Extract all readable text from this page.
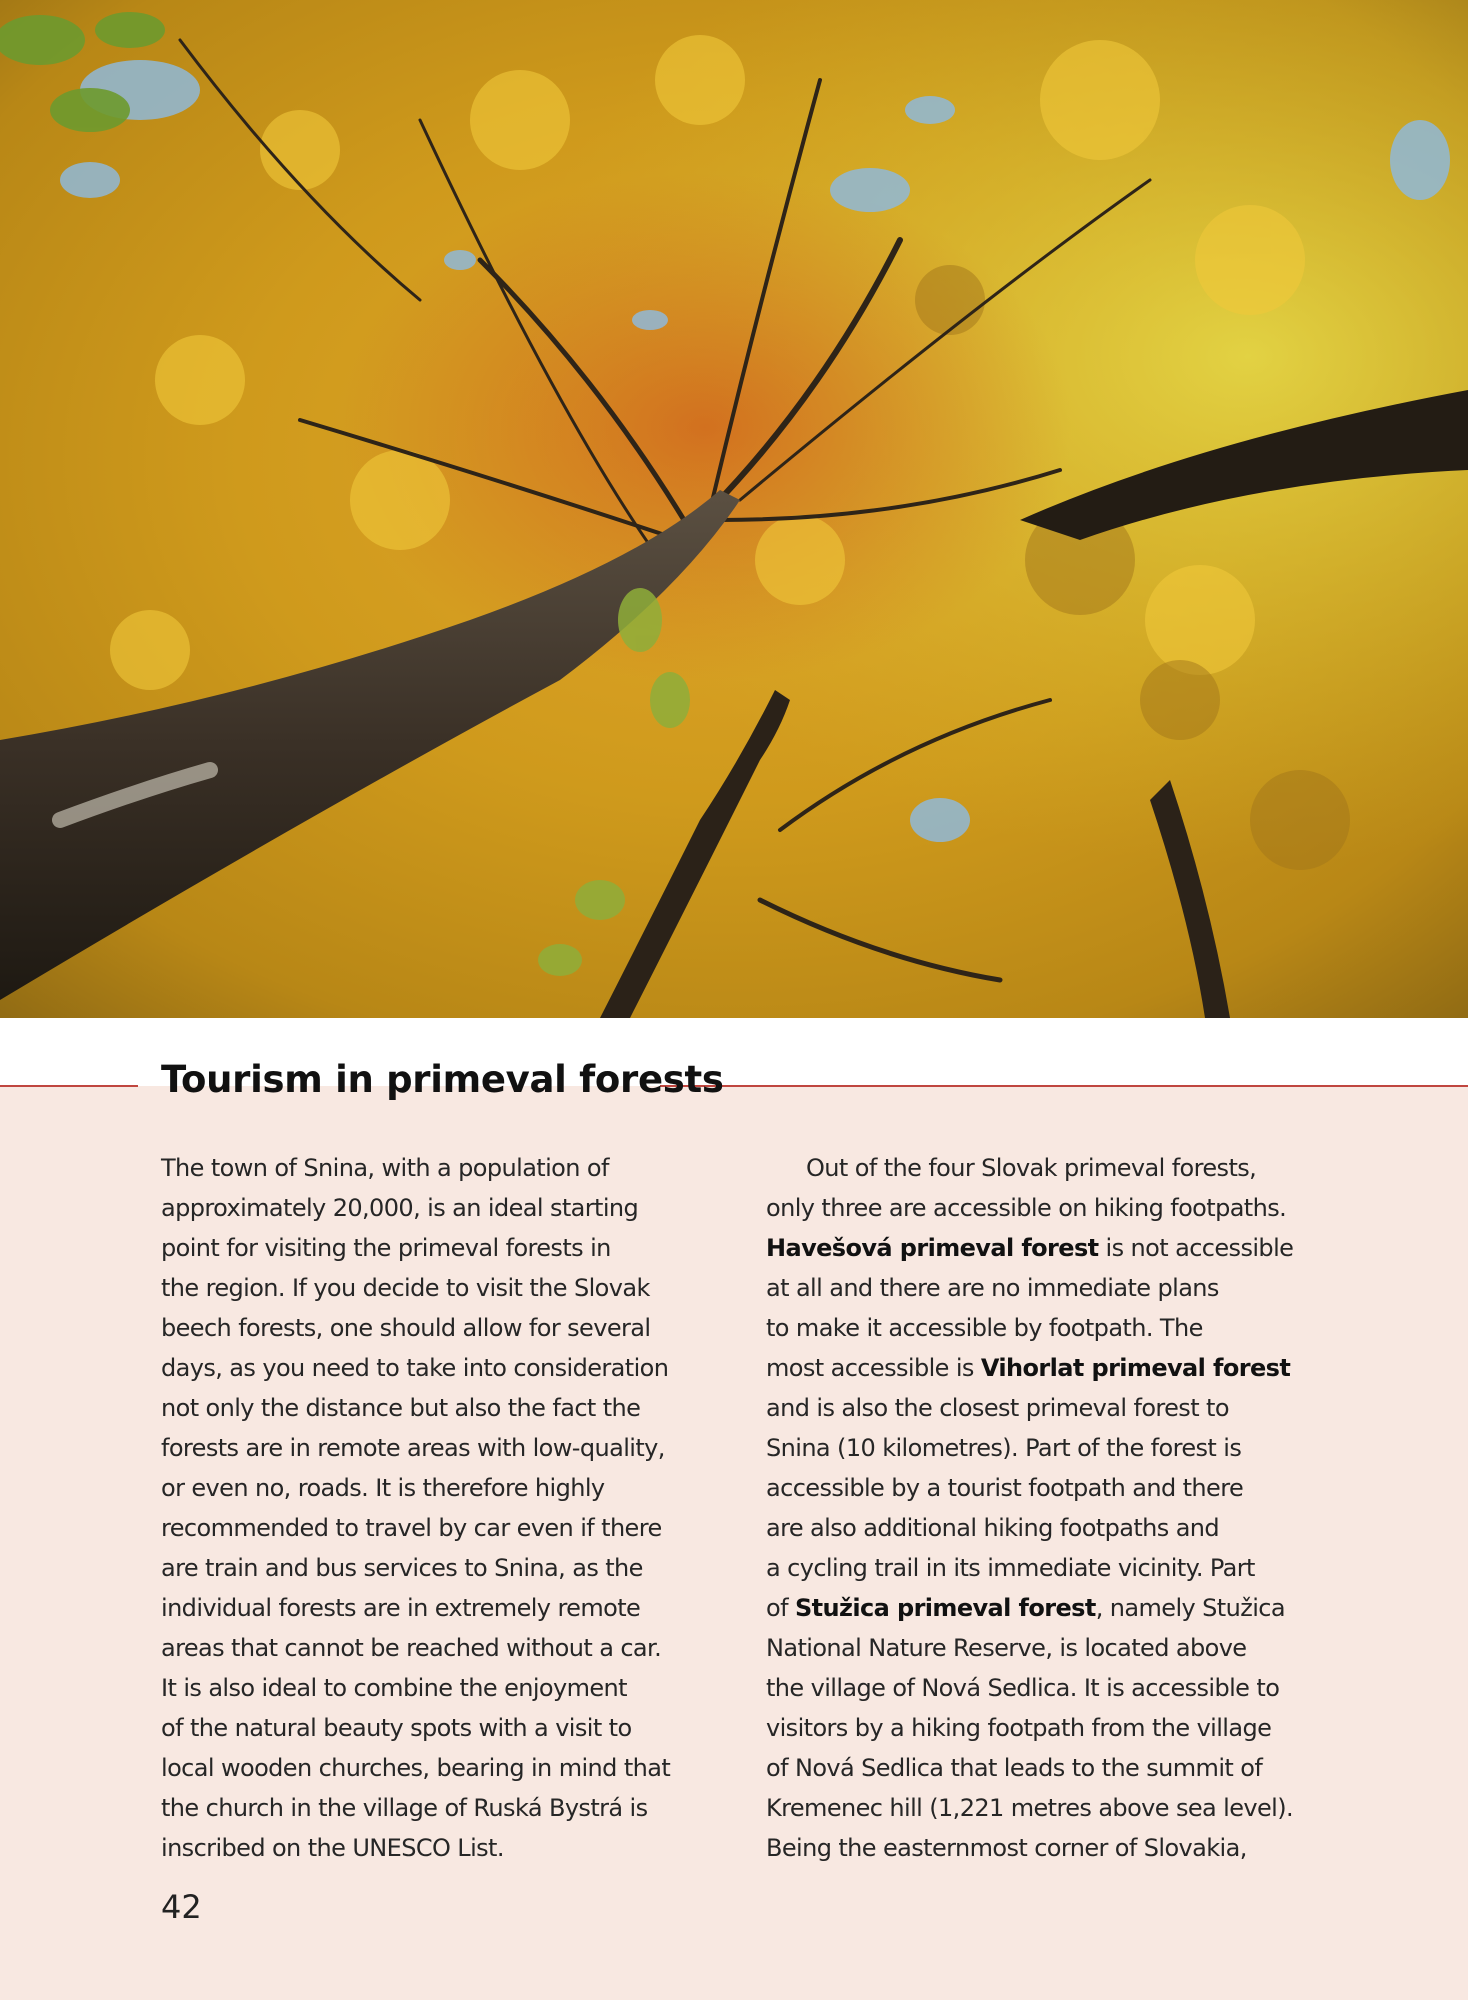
Tourism in primeval forests

The town of Snina, with a population of
approximately 20,000, is an ideal starting
point for visiting the primeval forests in
the region. If you decide to visit the Slovak
beech forests, one should allow for several
days, as you need to take into consideration
not only the distance but also the fact the
forests are in remote areas with low-quality,
or even no, roads. It is therefore highly
recommended to travel by car even if there
are train and bus services to Snina, as the
individual forests are in extremely remote
areas that cannot be reached without a car.
It is also ideal to combine the enjoyment
of the natural beauty spots with a visit to
local wooden churches, bearing in mind that
the church in the village of Ruská Bystrá is
inscribed on the UNESCO List.

Out of the four Slovak primeval forests,
only three are accessible on hiking footpaths.
Havešová primeval forest is not accessible
at all and there are no immediate plans
to make it accessible by footpath. The
most accessible is Vihorlat primeval forest
and is also the closest primeval forest to
Snina (10 kilometres). Part of the forest is
accessible by a tourist footpath and there
are also additional hiking footpaths and
a cycling trail in its immediate vicinity. Part
of Stužica primeval forest, namely Stužica
National Nature Reserve, is located above
the village of Nová Sedlica. It is accessible to
visitors by a hiking footpath from the village
of Nová Sedlica that leads to the summit of
Kremenec hill (1,221 metres above sea level).
Being the easternmost corner of Slovakia,

42
